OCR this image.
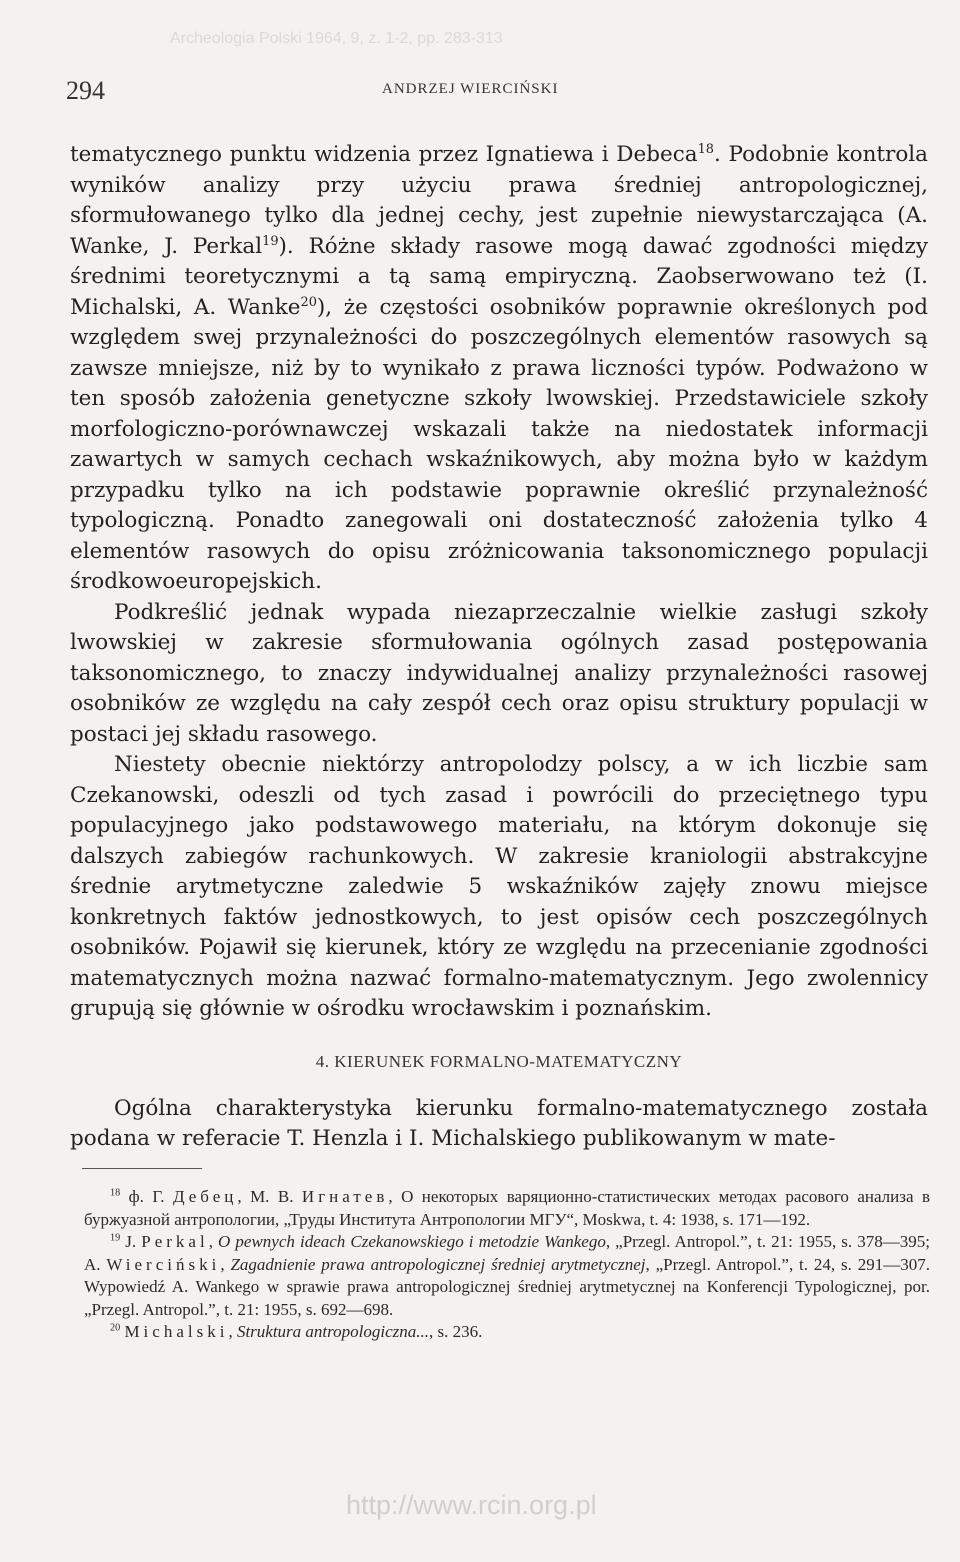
Archeologia Polski 1964, 9, z. 1-2, pp. 283-313
294	ANDRZEJ WIERCIŃSKI

tematycznego punktu widzenia przez Ignatiewa i Debeca$^{18}$. Podobnie kontrola wyników analizy przy użyciu prawa średniej antropologicznej, sformułowanego tylko dla jednej cechy, jest zupełnie niewystarczająca (A. Wanke, J. Perkal$^{19}$). Różne składy rasowe mogą dawać zgodności między średnimi teoretycznymi a tą samą empiryczną. Zaobserwowano też (I. Michalski, A. Wanke$^{20}$), że częstości osobników poprawnie określonych pod względem swej przynależności do poszczególnych elementów rasowych są zawsze mniejsze, niż by to wynikało z prawa liczności typów. Podważono w ten sposób założenia genetyczne szkoły lwowskiej. Przedstawiciele szkoły morfologiczno-porównawczej wskazali także na niedostatek informacji zawartych w samych cechach wskaźnikowych, aby można było w każdym przypadku tylko na ich podstawie poprawnie określić przynależność typologiczną. Ponadto zanegowali oni dostateczność założenia tylko 4 elementów rasowych do opisu zróżnicowania taksonomicznego populacji środkowoeuropejskich.

Podkreślić jednak wypada niezaprzeczalnie wielkie zasługi szkoły lwowskiej w zakresie sformułowania ogólnych zasad postępowania taksonomicznego, to znaczy indywidualnej analizy przynależności rasowej osobników ze względu na cały zespół cech oraz opisu struktury populacji w postaci jej składu rasowego.

Niestety obecnie niektórzy antropolodzy polscy, a w ich liczbie sam Czekanowski, odeszli od tych zasad i powrócili do przeciętnego typu populacyjnego jako podstawowego materiału, na którym dokonuje się dalszych zabiegów rachunkowych. W zakresie kraniologii abstrakcyjne średnie arytmetyczne zaledwie 5 wskaźników zajęły znowu miejsce konkretnych faktów jednostkowych, to jest opisów cech poszczególnych osobników. Pojawił się kierunek, który ze względu na przecenianie zgodności matematycznych można nazwać formalno-matematycznym. Jego zwolennicy grupują się głównie w ośrodku wrocławskim i poznańskim.

4. KIERUNEK FORMALNO-MATEMATYCZNY

Ogólna charakterystyka kierunku formalno-matematycznego została podana w referacie T. Henzla i I. Michalskiego publikowanym w mate-

$^{18}$ ф. Г. Дебец, М. В. Игнатев, О некоторых варяционно-статистических методах расового анализа в буржуазной антропологии, „Труды Института Антропологии МГУ“, Moskwa, t. 4: 1938, s. 171—192.

$^{19}$ J. Perkal, O pewnych ideach Czekanowskiego i metodzie Wankego, „Przegl. Antropol.”, t. 21: 1955, s. 378—395; A. Wierciński, Zagadnienie prawa antropologicznej średniej arytmetycznej, „Przegl. Antropol.”, t. 24, s. 291—307. Wypowiedź A. Wankego w sprawie prawa antropologicznej średniej arytmetycznej na Konferencji Typologicznej, por. „Przegl. Antropol.”, t. 21: 1955, s. 692—698.

$^{20}$ Michalski, Struktura antropologiczna..., s. 236.

http://www.rcin.org.pl
